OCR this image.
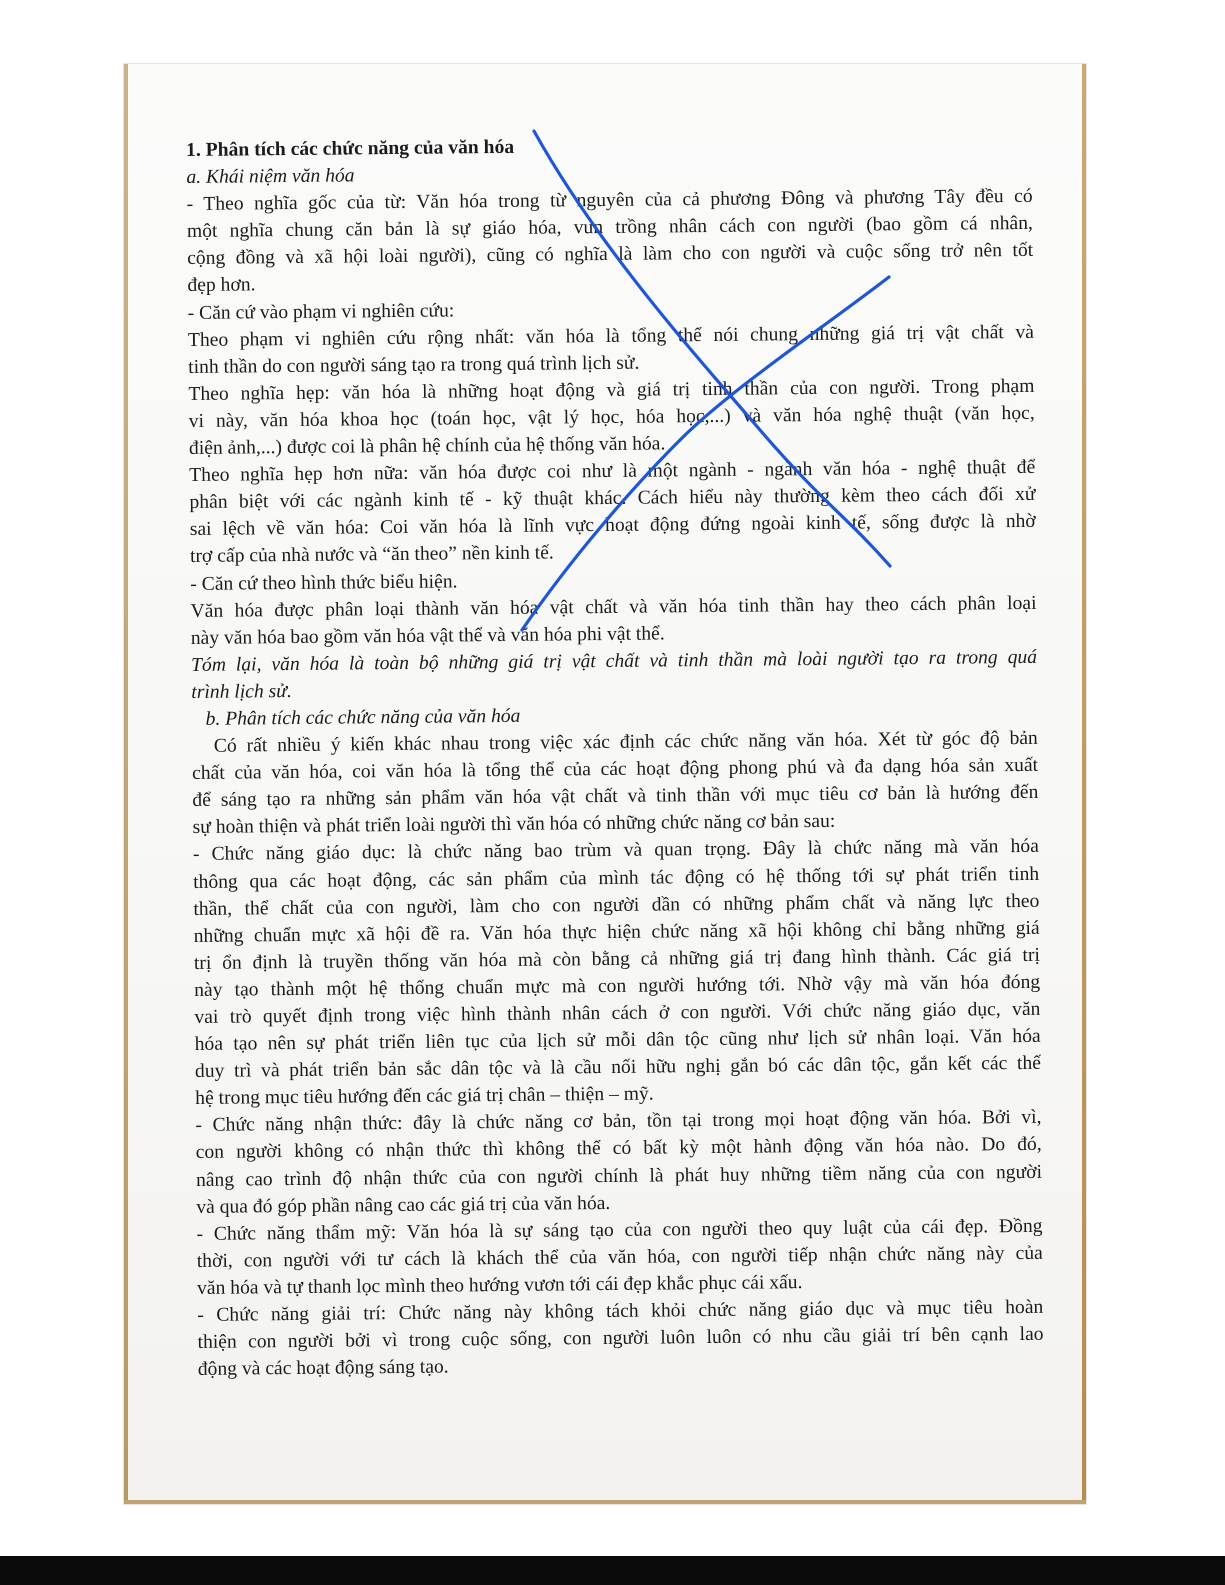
1. Phân tích các chức năng của văn hóa
a. Khái niệm văn hóa
- Theo nghĩa gốc của từ: Văn hóa trong từ nguyên của cả phương Đông và phương Tây đều có
một nghĩa chung căn bản là sự giáo hóa, vun trồng nhân cách con người (bao gồm cá nhân,
cộng đồng và xã hội loài người), cũng có nghĩa là làm cho con người và cuộc sống trở nên tốt
đẹp hơn.
- Căn cứ vào phạm vi nghiên cứu:
Theo phạm vi nghiên cứu rộng nhất: văn hóa là tổng thể nói chung những giá trị vật chất và
tinh thần do con người sáng tạo ra trong quá trình lịch sử.
Theo nghĩa hẹp: văn hóa là những hoạt động và giá trị tinh thần của con người. Trong phạm
vi này, văn hóa khoa học (toán học, vật lý học, hóa học,...) và văn hóa nghệ thuật (văn học,
điện ảnh,...) được coi là phân hệ chính của hệ thống văn hóa.
Theo nghĩa hẹp hơn nữa: văn hóa được coi như là một ngành - ngành văn hóa - nghệ thuật để
phân biệt với các ngành kinh tế - kỹ thuật khác. Cách hiểu này thường kèm theo cách đối xử
sai lệch về văn hóa: Coi văn hóa là lĩnh vực hoạt động đứng ngoài kinh tế, sống được là nhờ
trợ cấp của nhà nước và “ăn theo” nền kinh tế.
- Căn cứ theo hình thức biểu hiện.
Văn hóa được phân loại thành văn hóa vật chất và văn hóa tinh thần hay theo cách phân loại
này văn hóa bao gồm văn hóa vật thể và văn hóa phi vật thể.
Tóm lại, văn hóa là toàn bộ những giá trị vật chất và tinh thần mà loài người tạo ra trong quá
trình lịch sử.
b. Phân tích các chức năng của văn hóa
Có rất nhiều ý kiến khác nhau trong việc xác định các chức năng văn hóa. Xét từ góc độ bản
chất của văn hóa, coi văn hóa là tổng thể của các hoạt động phong phú và đa dạng hóa sản xuất
để sáng tạo ra những sản phẩm văn hóa vật chất và tinh thần với mục tiêu cơ bản là hướng đến
sự hoàn thiện và phát triển loài người thì văn hóa có những chức năng cơ bản sau:
- Chức năng giáo dục: là chức năng bao trùm và quan trọng. Đây là chức năng mà văn hóa
thông qua các hoạt động, các sản phẩm của mình tác động có hệ thống tới sự phát triển tinh
thần, thể chất của con người, làm cho con người dần có những phẩm chất và năng lực theo
những chuẩn mực xã hội đề ra. Văn hóa thực hiện chức năng xã hội không chỉ bằng những giá
trị ổn định là truyền thống văn hóa mà còn bằng cả những giá trị đang hình thành. Các giá trị
này tạo thành một hệ thống chuẩn mực mà con người hướng tới. Nhờ vậy mà văn hóa đóng
vai trò quyết định trong việc hình thành nhân cách ở con người. Với chức năng giáo dục, văn
hóa tạo nên sự phát triển liên tục của lịch sử mỗi dân tộc cũng như lịch sử nhân loại. Văn hóa
duy trì và phát triển bản sắc dân tộc và là cầu nối hữu nghị gắn bó các dân tộc, gắn kết các thế
hệ trong mục tiêu hướng đến các giá trị chân – thiện – mỹ.
- Chức năng nhận thức: đây là chức năng cơ bản, tồn tại trong mọi hoạt động văn hóa. Bởi vì,
con người không có nhận thức thì không thể có bất kỳ một hành động văn hóa nào. Do đó,
nâng cao trình độ nhận thức của con người chính là phát huy những tiềm năng của con người
và qua đó góp phần nâng cao các giá trị của văn hóa.
- Chức năng thẩm mỹ: Văn hóa là sự sáng tạo của con người theo quy luật của cái đẹp. Đồng
thời, con người với tư cách là khách thể của văn hóa, con người tiếp nhận chức năng này của
văn hóa và tự thanh lọc mình theo hướng vươn tới cái đẹp khắc phục cái xấu.
- Chức năng giải trí: Chức năng này không tách khỏi chức năng giáo dục và mục tiêu hoàn
thiện con người bởi vì trong cuộc sống, con người luôn luôn có nhu cầu giải trí bên cạnh lao
động và các hoạt động sáng tạo.
